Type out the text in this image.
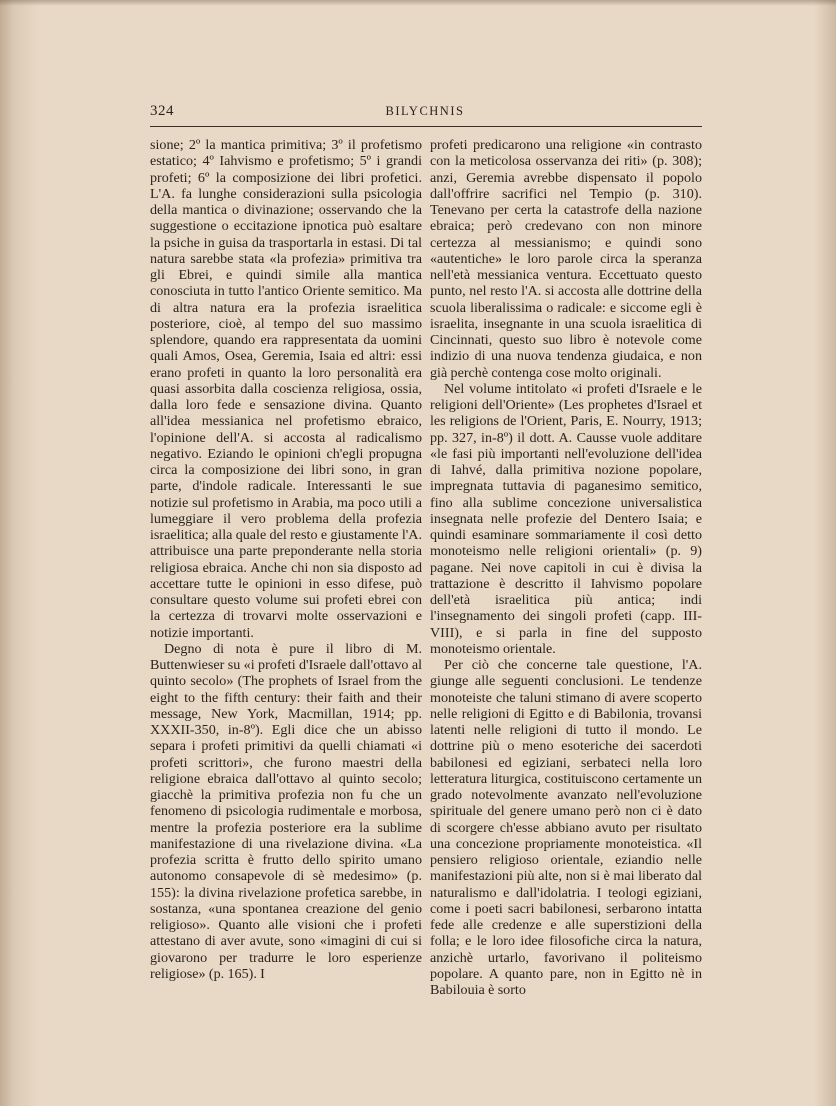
324	BILYCHNIS

sione; 2º la mantica primitiva; 3º il profetismo estatico; 4º Iahvismo e profetismo; 5º i grandi profeti; 6º la composizione dei libri profetici. L'A. fa lunghe considerazioni sulla psicologia della mantica o divinazione; osservando che la suggestione o eccitazione ipnotica può esaltare la psiche in guisa da trasportarla in estasi. Di tal natura sarebbe stata «la profezia» primitiva tra gli Ebrei, e quindi simile alla mantica conosciuta in tutto l'antico Oriente semitico. Ma di altra natura era la profezia israelitica posteriore, cioè, al tempo del suo massimo splendore, quando era rappresentata da uomini quali Amos, Osea, Geremia, Isaia ed altri: essi erano profeti in quanto la loro personalità era quasi assorbita dalla coscienza religiosa, ossia, dalla loro fede e sensazione divina. Quanto all'idea messianica nel profetismo ebraico, l'opinione dell'A. si accosta al radicalismo negativo. Eziando le opinioni ch'egli propugna circa la composizione dei libri sono, in gran parte, d'indole radicale. Interessanti le sue notizie sul profetismo in Arabia, ma poco utili a lumeggiare il vero problema della profezia israelitica; alla quale del resto e giustamente l'A. attribuisce una parte preponderante nella storia religiosa ebraica. Anche chi non sia disposto ad accettare tutte le opinioni in esso difese, può consultare questo volume sui profeti ebrei con la certezza di trovarvi molte osservazioni e notizie importanti.

Degno di nota è pure il libro di M. Buttenwieser su «i profeti d'Israele dall'ottavo al quinto secolo» (The prophets of Israel from the eight to the fifth century: their faith and their message, New York, Macmillan, 1914; pp. XXXII-350, in-8º). Egli dice che un abisso separa i profeti primitivi da quelli chiamati «i profeti scrittori», che furono maestri della religione ebraica dall'ottavo al quinto secolo; giacchè la primitiva profezia non fu che un fenomeno di psicologia rudimentale e morbosa, mentre la profezia posteriore era la sublime manifestazione di una rivelazione divina. «La profezia scritta è frutto dello spirito umano autonomo consapevole di sè medesimo» (p. 155): la divina rivelazione profetica sarebbe, in sostanza, «una spontanea creazione del genio religioso». Quanto alle visioni che i profeti attestano di aver avute, sono «imagini di cui si giovarono per tradurre le loro esperienze religiose» (p. 165). I

profeti predicarono una religione «in contrasto con la meticolosa osservanza dei riti» (p. 308); anzi, Geremia avrebbe dispensato il popolo dall'offrire sacrifici nel Tempio (p. 310). Tenevano per certa la catastrofe della nazione ebraica; però credevano con non minore certezza al messianismo; e quindi sono «autentiche» le loro parole circa la speranza nell'età messianica ventura. Eccettuato questo punto, nel resto l'A. si accosta alle dottrine della scuola liberalissima o radicale: e siccome egli è israelita, insegnante in una scuola israelitica di Cincinnati, questo suo libro è notevole come indizio di una nuova tendenza giudaica, e non già perchè contenga cose molto originali.

Nel volume intitolato «i profeti d'Israele e le religioni dell'Oriente» (Les prophetes d'Israel et les religions de l'Orient, Paris, E. Nourry, 1913; pp. 327, in-8º) il dott. A. Causse vuole additare «le fasi più importanti nell'evoluzione dell'idea di Iahvé, dalla primitiva nozione popolare, impregnata tuttavia di paganesimo semitico, fino alla sublime concezione universalistica insegnata nelle profezie del Dentero Isaia; e quindi esaminare sommariamente il così detto monoteismo nelle religioni orientali» (p. 9) pagane. Nei nove capitoli in cui è divisa la trattazione è descritto il Iahvismo popolare dell'età israelitica più antica; indi l'insegnamento dei singoli profeti (capp. III-VIII), e si parla in fine del supposto monoteismo orientale.

Per ciò che concerne tale questione, l'A. giunge alle seguenti conclusioni. Le tendenze monoteiste che taluni stimano di avere scoperto nelle religioni di Egitto e di Babilonia, trovansi latenti nelle religioni di tutto il mondo. Le dottrine più o meno esoteriche dei sacerdoti babilonesi ed egiziani, serbateci nella loro letteratura liturgica, costituiscono certamente un grado notevolmente avanzato nell'evoluzione spirituale del genere umano però non ci è dato di scorgere ch'esse abbiano avuto per risultato una concezione propriamente monoteistica. «Il pensiero religioso orientale, eziandio nelle manifestazioni più alte, non si è mai liberato dal naturalismo e dall'idolatria. I teologi egiziani, come i poeti sacri babilonesi, serbarono intatta fede alle credenze e alle superstizioni della folla; e le loro idee filosofiche circa la natura, anzichè urtarlo, favorivano il politeismo popolare. A quanto pare, non in Egitto nè in Babilouia è sorto
